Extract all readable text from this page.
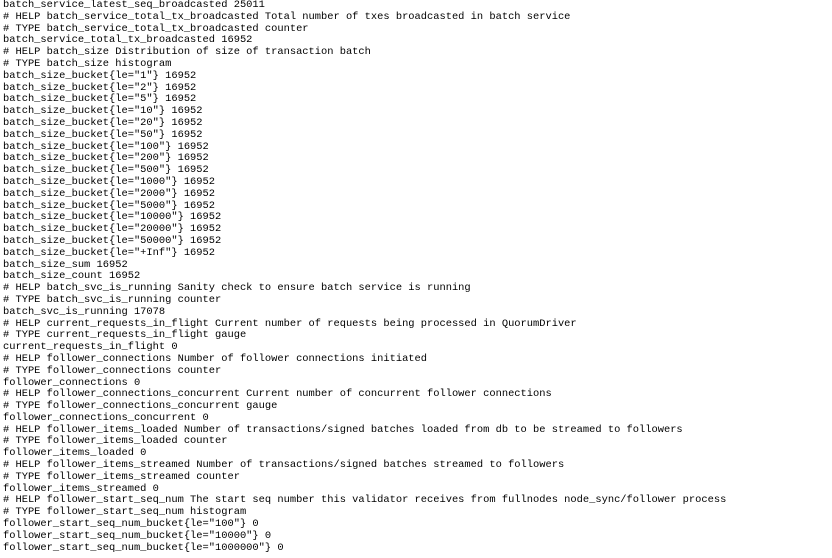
batch_service_latest_seq_broadcasted 25011
# HELP batch_service_total_tx_broadcasted Total number of txes broadcasted in batch service
# TYPE batch_service_total_tx_broadcasted counter
batch_service_total_tx_broadcasted 16952
# HELP batch_size Distribution of size of transaction batch
# TYPE batch_size histogram
batch_size_bucket{le="1"} 16952
batch_size_bucket{le="2"} 16952
batch_size_bucket{le="5"} 16952
batch_size_bucket{le="10"} 16952
batch_size_bucket{le="20"} 16952
batch_size_bucket{le="50"} 16952
batch_size_bucket{le="100"} 16952
batch_size_bucket{le="200"} 16952
batch_size_bucket{le="500"} 16952
batch_size_bucket{le="1000"} 16952
batch_size_bucket{le="2000"} 16952
batch_size_bucket{le="5000"} 16952
batch_size_bucket{le="10000"} 16952
batch_size_bucket{le="20000"} 16952
batch_size_bucket{le="50000"} 16952
batch_size_bucket{le="+Inf"} 16952
batch_size_sum 16952
batch_size_count 16952
# HELP batch_svc_is_running Sanity check to ensure batch service is running
# TYPE batch_svc_is_running counter
batch_svc_is_running 17078
# HELP current_requests_in_flight Current number of requests being processed in QuorumDriver
# TYPE current_requests_in_flight gauge
current_requests_in_flight 0
# HELP follower_connections Number of follower connections initiated
# TYPE follower_connections counter
follower_connections 0
# HELP follower_connections_concurrent Current number of concurrent follower connections
# TYPE follower_connections_concurrent gauge
follower_connections_concurrent 0
# HELP follower_items_loaded Number of transactions/signed batches loaded from db to be streamed to followers
# TYPE follower_items_loaded counter
follower_items_loaded 0
# HELP follower_items_streamed Number of transactions/signed batches streamed to followers
# TYPE follower_items_streamed counter
follower_items_streamed 0
# HELP follower_start_seq_num The start seq number this validator receives from fullnodes node_sync/follower process
# TYPE follower_start_seq_num histogram
follower_start_seq_num_bucket{le="100"} 0
follower_start_seq_num_bucket{le="10000"} 0
follower_start_seq_num_bucket{le="1000000"} 0
